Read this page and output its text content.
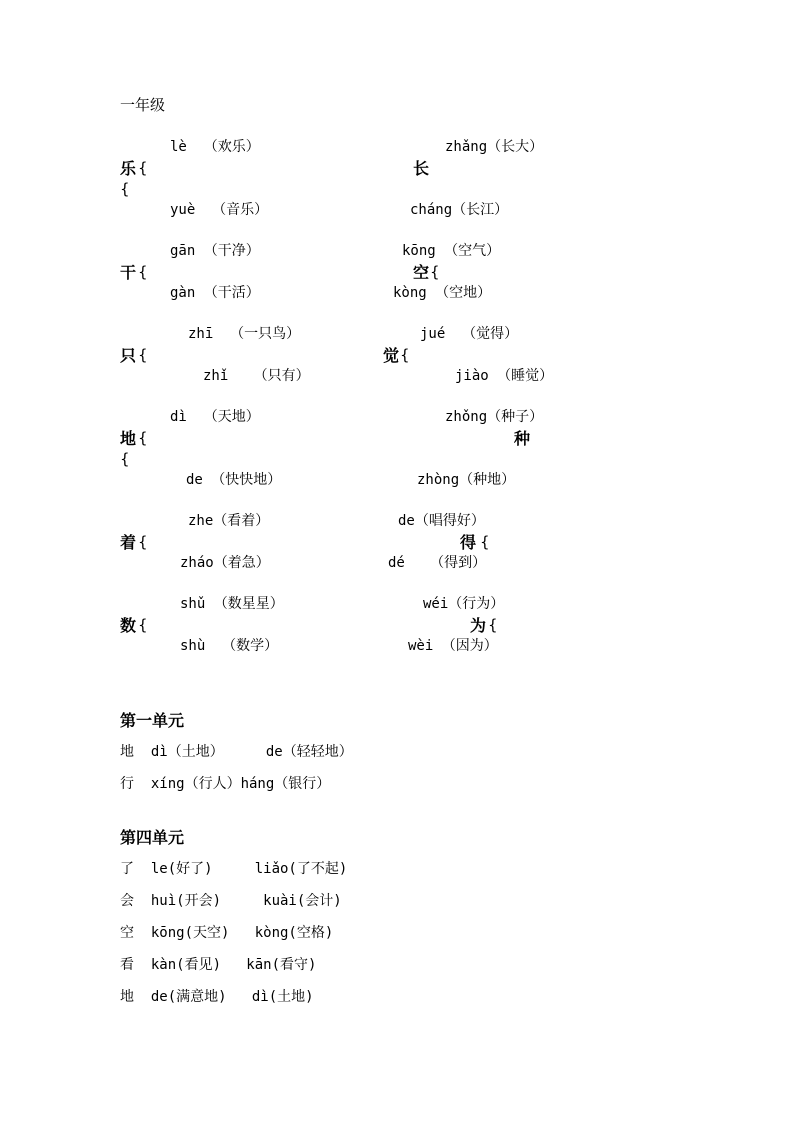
一年级
lè  （欢乐）	zhǎng（长大）
乐 {	长
{
yuè  （音乐）	cháng（长江）
gān （干净）	kōng （空气）
干 {	空 {
gàn （干活）	kòng （空地）
zhī  （一只鸟）	jué  （觉得）
只 {	觉 {
zhǐ   （只有）	jiào （睡觉）
dì  （天地）	zhǒng（种子）
地 {	种
{
de （快快地）	zhòng（种地）
zhe（看着）	de（唱得好）
着 {	得 {
zháo（着急）	dé   （得到）
shǔ （数星星）	wéi（行为）
数 {	为 {
shù  （数学）	wèi （因为）
第一单元
地  dì（土地）     de（轻轻地）
行  xíng（行人）háng（银行）
第四单元
了  le(好了)     liǎo(了不起)
会  huì(开会)     kuài(会计)
空  kōng(天空)   kòng(空格)
看  kàn(看见)   kān(看守)
地  de(满意地)   dì(土地)
